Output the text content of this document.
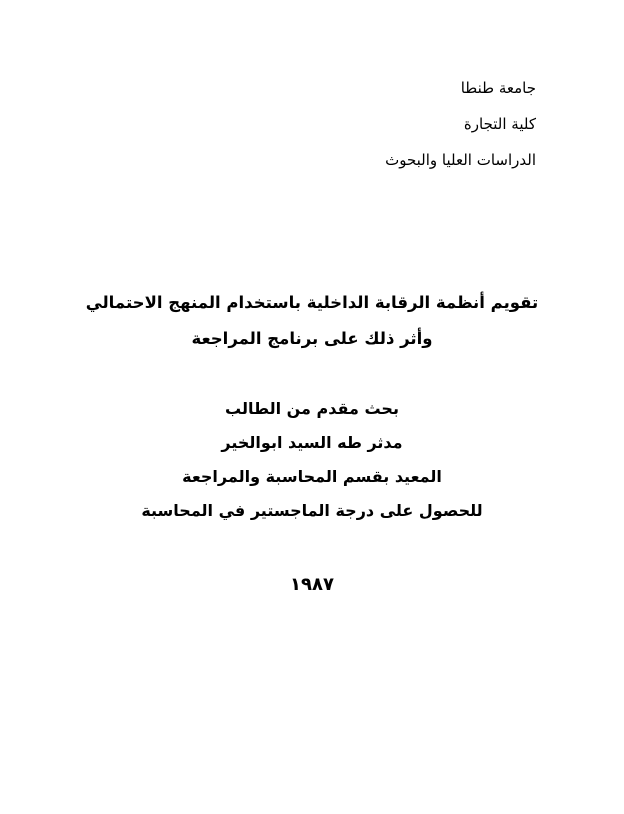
جامعة طنطا
كلية التجارة
الدراسات العليا والبحوث
تقويم أنظمة الرقابة الداخلية باستخدام المنهج الاحتمالي
وأثر ذلك على برنامج المراجعة
بحث مقدم من الطالب
مدثر طه السيد ابوالخير
المعيد بقسم المحاسبة والمراجعة
للحصول على درجة الماجستير في المحاسبة
١٩٨٧
